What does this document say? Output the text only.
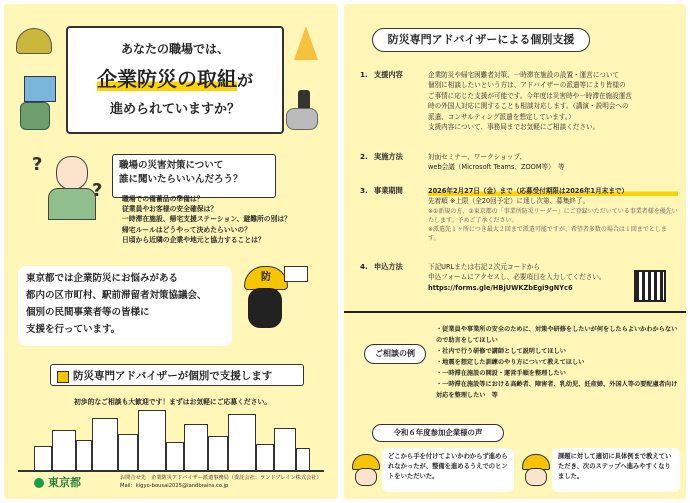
あなたの職場では、
企業防災の取組が
進められていますか？
?
?
職場の災害対策について
誰に聞いたらいいんだろう？
職場での備蓄品の準備は？
従業員やお客様の安全確保は？
一時滞在施設、帰宅支援ステーション、避難所の別は？
帰宅ルールはどうやって決めたらいいの？
日頃から近隣の企業や地元と協力することは？
東京都では企業防災にお悩みがある
都内の区市町村、駅前滞留者対策協議会、
個別の民間事業者等の皆様に
支援を行っています。
防
防災専門アドバイザーが個別で支援します
初歩的なご相談も大歓迎です！まずはお気軽にご応募ください。
東京都	お問合せ先　企業防災アドバイザー派遣事務局（委託会社：ランドブレイン株式会社）
Mail：kigyo-bousai2025@landbrains.co.jp
防災専門アドバイザーによる個別支援
1. 支援内容	企業防災や帰宅困難者対策、一時滞在施設の設置・運営について
個別に相談したいという方は、アドバイザーの派遣等により皆様の
ご事情に応じた支援が可能です。今年度は災害時や一時滞在施設運営
時の外国人対応に関することも相談対応します。（講演・説明会への
派遣、コンサルティング派遣を想定しています。）
支援内容について、事務局までお気軽にご相談ください。
2. 実施方法	対面セミナー、ワークショップ、
web会議（Microsoft Teams、ZOOM等）　等
3. 事業期間	2026年2月27日（金）まで（応募受付期限は2026年1月末まで）
先着順 ※上限（全20回予定）に達し次第、募集終了。
※①新規の方、②東京都の「事業所防災リーダー」にご登録いただいている事業者様を優先いたします。予めご了承ください。
※派遣先１ヶ所につき最大２回まで派遣可能ですが、希望者多数の場合は１回までとします。
4. 申込方法	下記URLまたは右記２次元コードから
申込フォームにアクセスし、必要項目を入力してください。
https://forms.gle/HBjUWKZbEgi9gNYc6
ご相談の例
・従業員や事業所の安全のために、対策や研修をしたいが何をしたらよいかわからないので助言をしてほしい
・社内で行う研修で講師として説明してほしい
・地震を想定した訓練のやり方について教えてほしい
・一時滞在施設の開設・運営手順を整理したい
・一時滞在施設等における高齢者、障害者、乳幼児、妊産婦、外国人等の要配慮者向け対応を整理したい　等
令和６年度参加企業様の声
どこから手を付けてよいかわからず進められなかったが、整備を進めるうえでのヒントをいただいた。
課題に対して適切に具体例まで教えていただき、次のステップへ進みやすくなりました。
